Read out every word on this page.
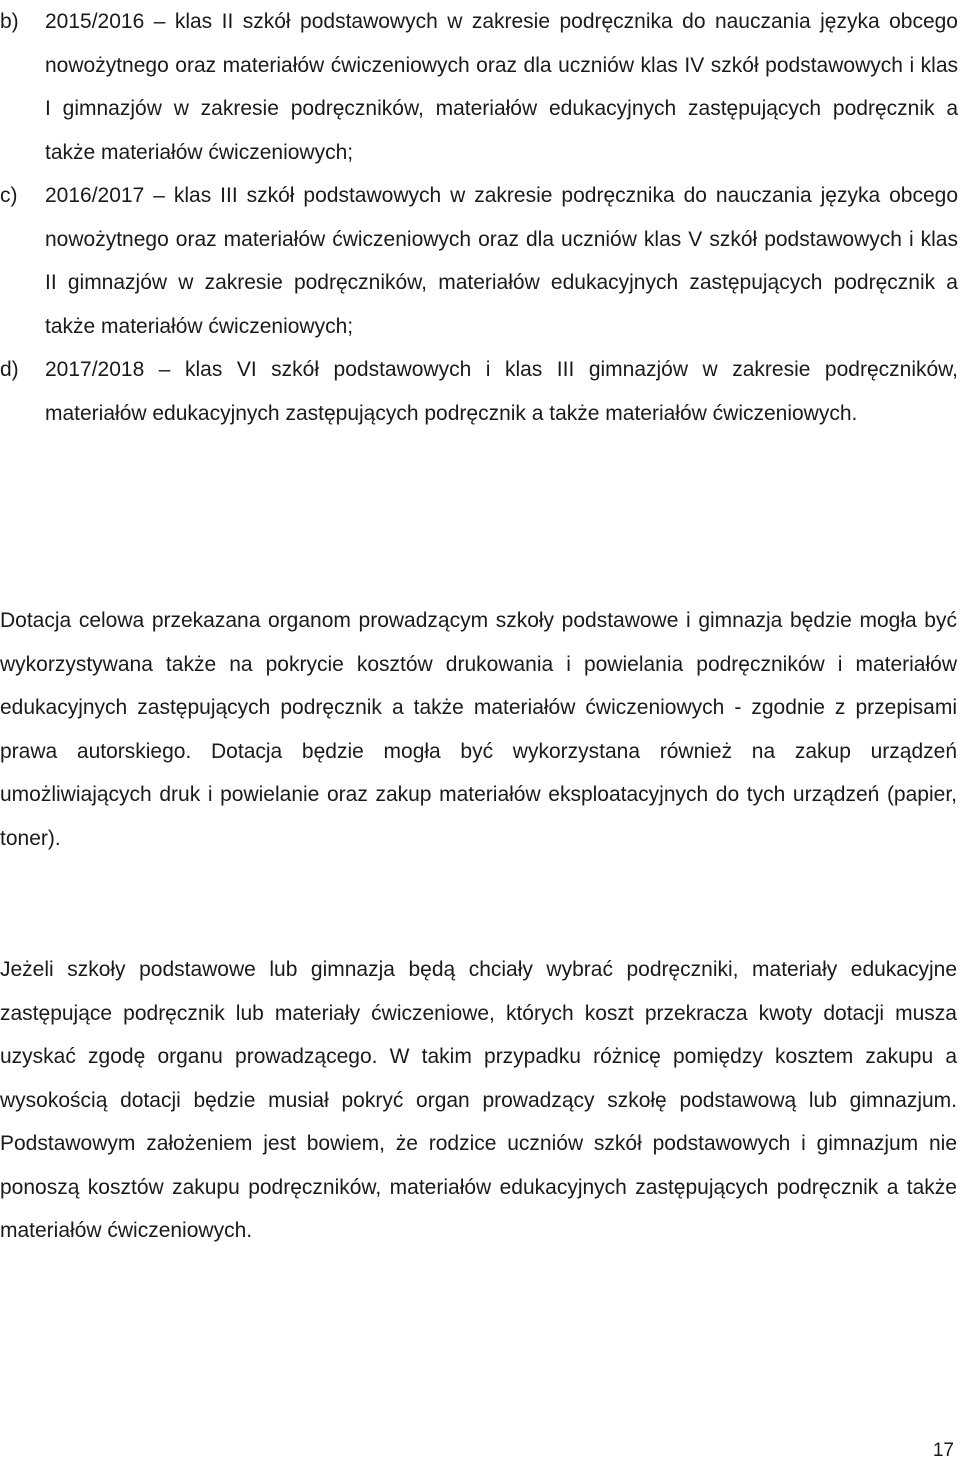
b) 2015/2016 – klas II szkół podstawowych w zakresie podręcznika do nauczania języka obcego nowożytnego oraz materiałów ćwiczeniowych oraz dla uczniów klas IV szkół podstawowych i klas I gimnazjów w zakresie podręczników, materiałów edukacyjnych zastępujących podręcznik a także materiałów ćwiczeniowych;
c) 2016/2017 – klas III szkół podstawowych w zakresie podręcznika do nauczania języka obcego nowożytnego oraz materiałów ćwiczeniowych oraz dla uczniów klas V szkół podstawowych i klas II gimnazjów w zakresie podręczników, materiałów edukacyjnych zastępujących podręcznik a także materiałów ćwiczeniowych;
d) 2017/2018 – klas VI szkół podstawowych i klas III gimnazjów w zakresie podręczników, materiałów edukacyjnych zastępujących podręcznik a także materiałów ćwiczeniowych.

Dotacja celowa przekazana organom prowadzącym szkoły podstawowe i gimnazja będzie mogła być wykorzystywana także na pokrycie kosztów drukowania i powielania podręczników i materiałów edukacyjnych zastępujących podręcznik a także materiałów ćwiczeniowych - zgodnie z przepisami prawa autorskiego. Dotacja będzie mogła być wykorzystana również na zakup urządzeń umożliwiających druk i powielanie oraz zakup materiałów eksploatacyjnych do tych urządzeń (papier, toner).

Jeżeli szkoły podstawowe lub gimnazja będą chciały wybrać podręczniki, materiały edukacyjne zastępujące podręcznik lub materiały ćwiczeniowe, których koszt przekracza kwoty dotacji musza uzyskać zgodę organu prowadzącego. W takim przypadku różnicę pomiędzy kosztem zakupu a wysokością dotacji będzie musiał pokryć organ prowadzący szkołę podstawową lub gimnazjum. Podstawowym założeniem jest bowiem, że rodzice uczniów szkół podstawowych i gimnazjum nie ponoszą kosztów zakupu podręczników, materiałów edukacyjnych zastępujących podręcznik a także materiałów ćwiczeniowych.

17
